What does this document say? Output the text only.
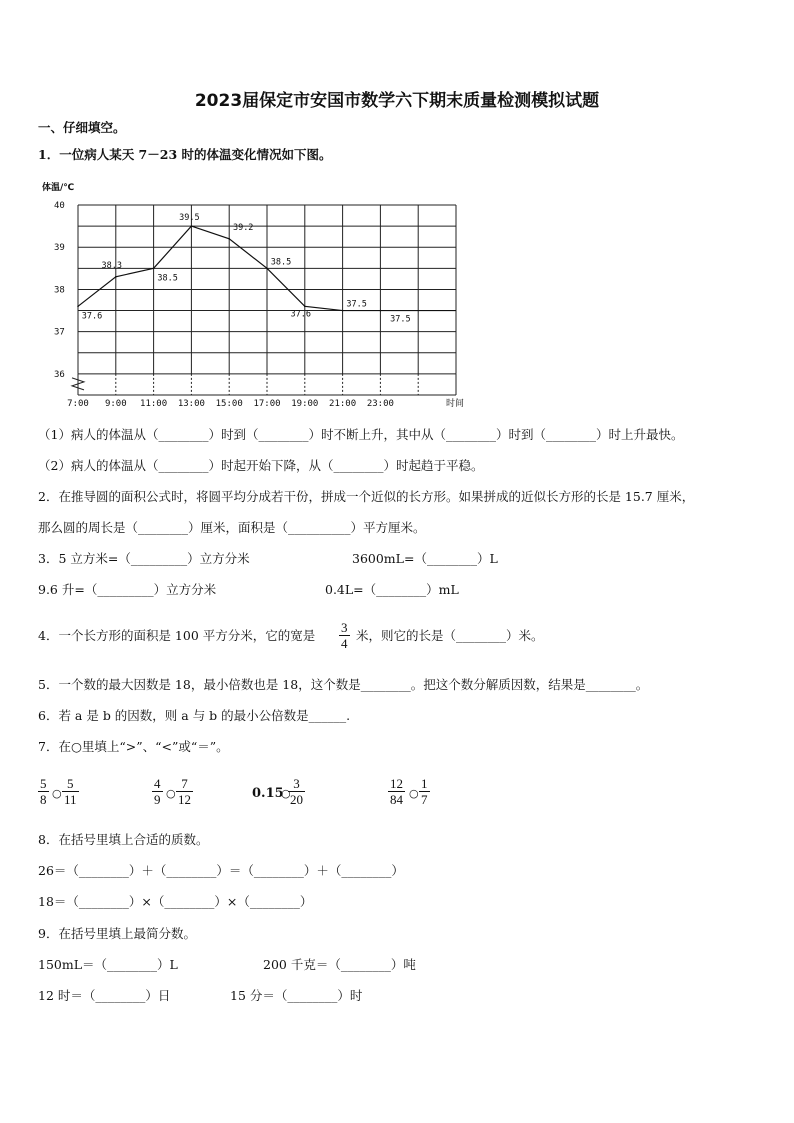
2023届保定市安国市数学六下期末质量检测模拟试题
一、仔细填空。
1．一位病人某天 7－23 时的体温变化情况如下图。
体温/℃
时间
40
39
38
37
36
7:00 9:00 11:00 13:00 15:00 17:00 19:00 21:00 23:00
37.6
38.3
38.5
39.5
39.2
38.5
37.6
37.5
37.5
（1）病人的体温从（________）时到（________）时不断上升，其中从（________）时到（________）时上升最快。
（2）病人的体温从（________）时起开始下降，从（________）时起趋于平稳。
2．在推导圆的面积公式时，将圆平均分成若干份，拼成一个近似的长方形。如果拼成的近似长方形的长是 15.7 厘米，
那么圆的周长是（________）厘米，面积是（__________）平方厘米。
3．5 立方米=（_________）立方分米	3600mL=（________）L
9.6 升=（_________）立方分米	0.4L=（________）mL
4．一个长方形的面积是 100 平方分米，它的宽是 $\frac{3}{4}$ 米，则它的长是（________）米。
5．一个数的最大因数是 18，最小倍数也是 18，这个数是________。把这个数分解质因数，结果是________。
6．若 a 是 b 的因数，则 a 与 b 的最小公倍数是______.
7．在○里填上“>”、“<”或“＝”。
$\frac{5}{8}$ ○ $\frac{5}{11}$	$\frac{4}{9}$ ○ $\frac{7}{12}$	0.15
○
$\frac{3}{20}$	$\frac{12}{84}$ ○ $\frac{1}{7}$
8．在括号里填上合适的质数。
26＝（________）＋（________）＝（________）＋（________）
18＝（________）×（________）×（________）
9．在括号里填上最简分数。
150mL＝（________）L	200 千克＝（________）吨
12 时＝（________）日	15 分＝（________）时
